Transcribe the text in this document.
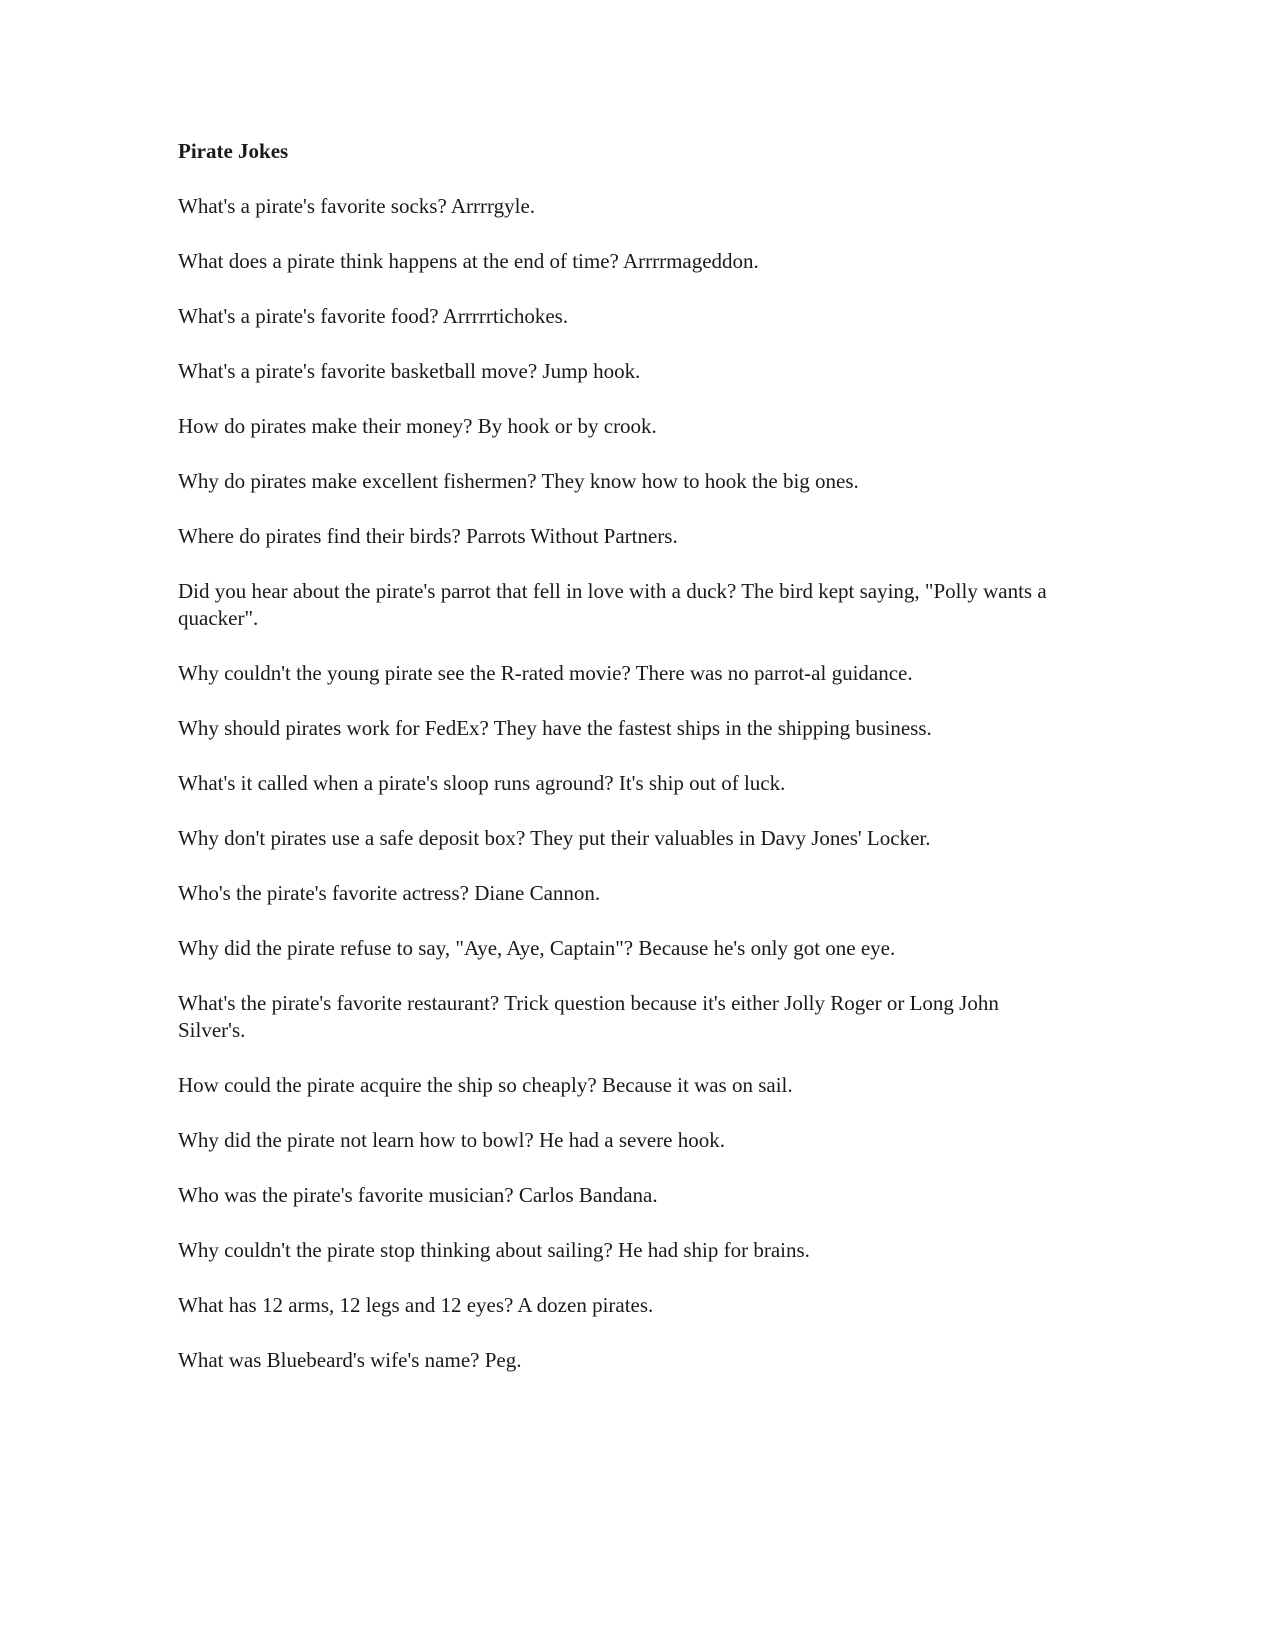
Pirate Jokes

What's a pirate's favorite socks? Arrrrgyle.

What does a pirate think happens at the end of time? Arrrrmageddon.

What's a pirate's favorite food? Arrrrrtichokes.

What's a pirate's favorite basketball move? Jump hook.

How do pirates make their money? By hook or by crook.

Why do pirates make excellent fishermen? They know how to hook the big ones.

Where do pirates find their birds? Parrots Without Partners.

Did you hear about the pirate's parrot that fell in love with a duck? The bird kept saying, "Polly wants a quacker".

Why couldn't the young pirate see the R-rated movie? There was no parrot-al guidance.

Why should pirates work for FedEx? They have the fastest ships in the shipping business.

What's it called when a pirate's sloop runs aground? It's ship out of luck.

Why don't pirates use a safe deposit box? They put their valuables in Davy Jones' Locker.

Who's the pirate's favorite actress? Diane Cannon.

Why did the pirate refuse to say, "Aye, Aye, Captain"? Because he's only got one eye.

What's the pirate's favorite restaurant? Trick question because it's either Jolly Roger or Long John Silver's.

How could the pirate acquire the ship so cheaply? Because it was on sail.

Why did the pirate not learn how to bowl? He had a severe hook.

Who was the pirate's favorite musician? Carlos Bandana.

Why couldn't the pirate stop thinking about sailing? He had ship for brains.

What has 12 arms, 12 legs and 12 eyes? A dozen pirates.

What was Bluebeard's wife's name? Peg.
